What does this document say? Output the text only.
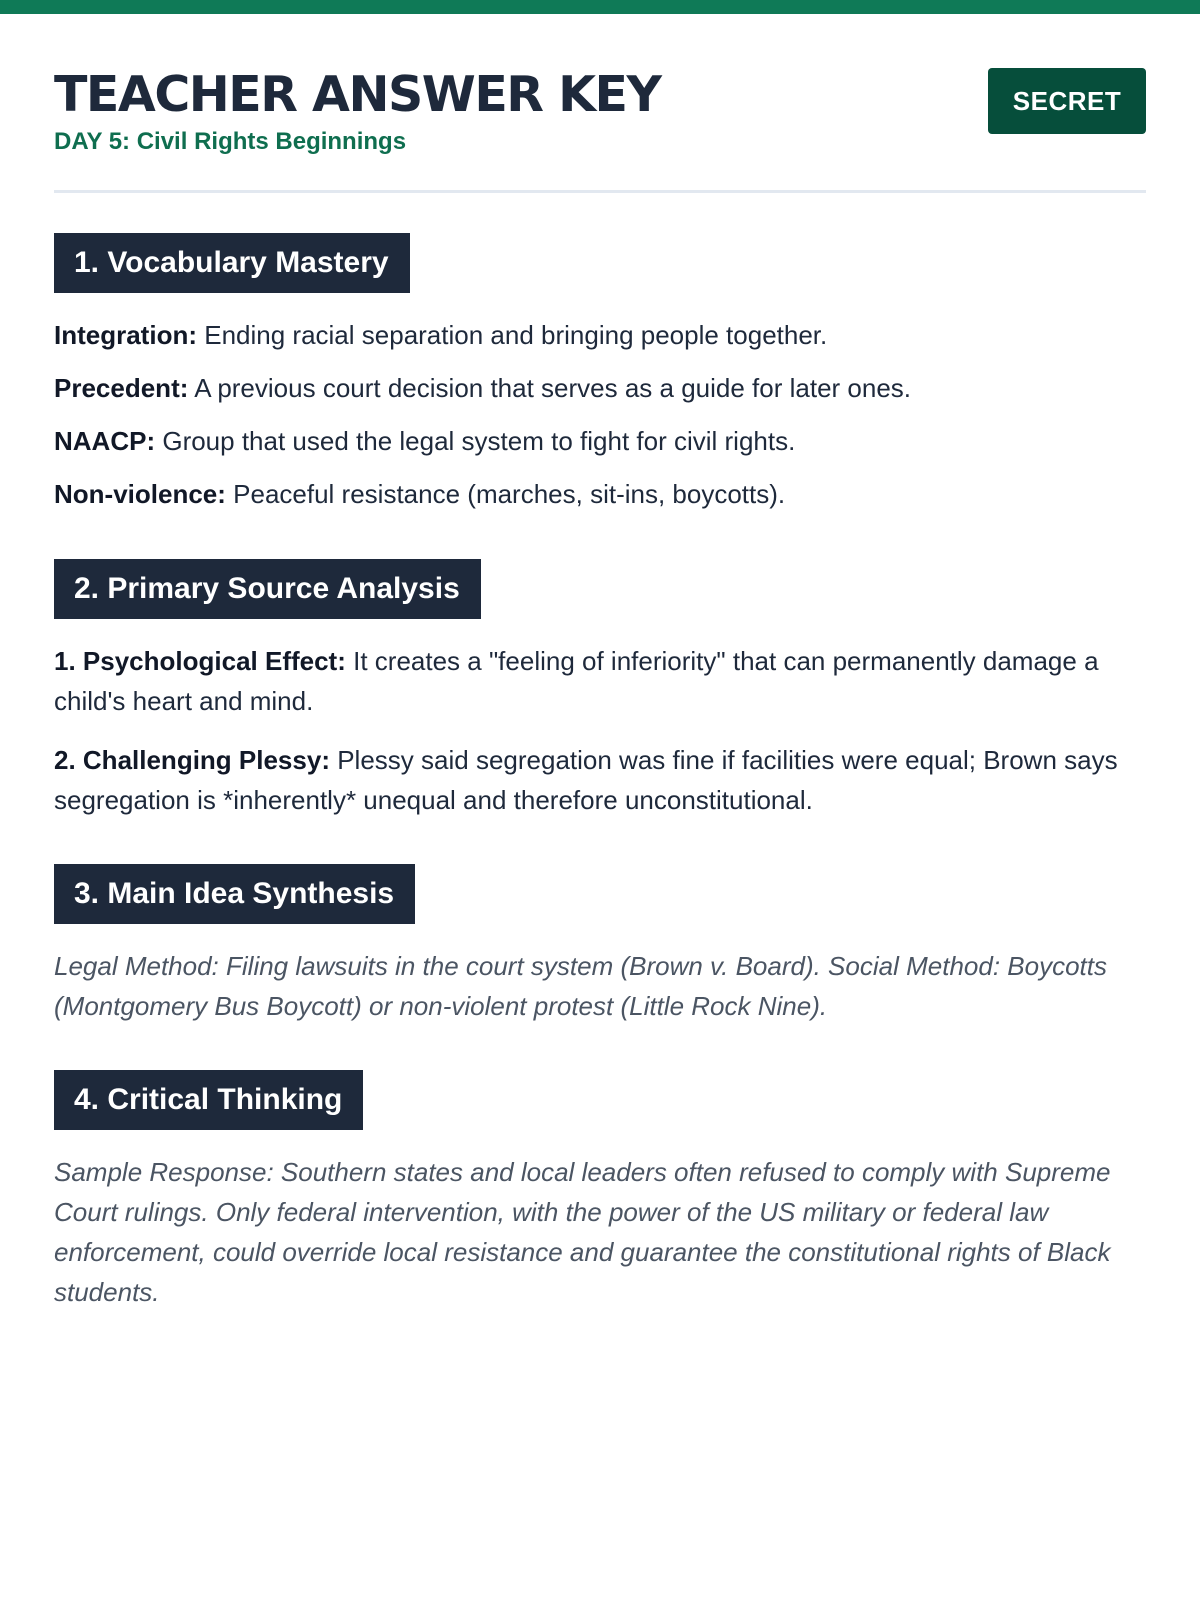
TEACHER ANSWER KEY
DAY 5: Civil Rights Beginnings
SECRET
1. Vocabulary Mastery
Integration: Ending racial separation and bringing people together.
Precedent: A previous court decision that serves as a guide for later ones.
NAACP: Group that used the legal system to fight for civil rights.
Non-violence: Peaceful resistance (marches, sit-ins, boycotts).
2. Primary Source Analysis
1. Psychological Effect: It creates a "feeling of inferiority" that can permanently damage a child's heart and mind.
2. Challenging Plessy: Plessy said segregation was fine if facilities were equal; Brown says segregation is *inherently* unequal and therefore unconstitutional.
3. Main Idea Synthesis

Legal Method: Filing lawsuits in the court system (Brown v. Board). Social Method: Boycotts (Montgomery Bus Boycott) or non-violent protest (Little Rock Nine).

4. Critical Thinking

Sample Response: Southern states and local leaders often refused to comply with Supreme Court rulings. Only federal intervention, with the power of the US military or federal law enforcement, could override local resistance and guarantee the constitutional rights of Black students.
